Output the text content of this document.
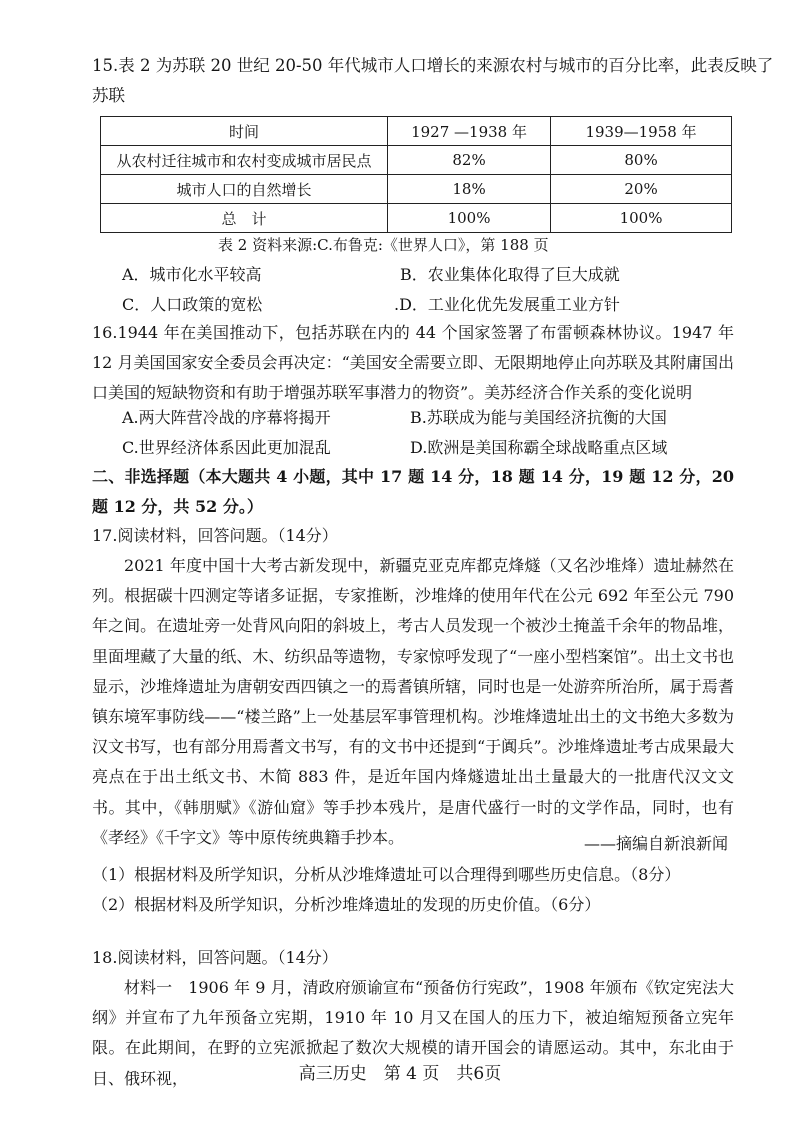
15.表 2 为苏联 20 世纪 20-50 年代城市人口增长的来源农村与城市的百分比率，此表反映了
苏联
时间	1927 —1938 年	1939—1958 年
从农村迁往城市和农村变成城市居民点	82%	80%
城市人口的自然增长	18%	20%
总　计	100%	100%
表 2 资料来源:C.布鲁克:《世界人口》，第 188 页
A．城市化水平较高	B．农业集体化取得了巨大成就
C．人口政策的宽松	.D．工业化优先发展重工业方针
16.1944 年在美国推动下，包括苏联在内的 44 个国家签署了布雷顿森林协议。1947 年 12 月美国国家安全委员会再决定：“美国安全需要立即、无限期地停止向苏联及其附庸国出口美国的短缺物资和有助于增强苏联军事潜力的物资”。美苏经济合作关系的变化说明
A.两大阵营冷战的序幕将揭开	B.苏联成为能与美国经济抗衡的大国
C.世界经济体系因此更加混乱	D.欧洲是美国称霸全球战略重点区域
二、非选择题（本大题共 4 小题，其中 17 题 14 分，18 题 14 分，19 题 12 分，20 题 12 分，共 52 分。）
17.阅读材料，回答问题。（14分）
2021 年度中国十大考古新发现中，新疆克亚克库都克烽燧（又名沙堆烽）遗址赫然在列。根据碳十四测定等诸多证据，专家推断，沙堆烽的使用年代在公元 692 年至公元 790 年之间。在遗址旁一处背风向阳的斜坡上，考古人员发现一个被沙土掩盖千余年的物品堆，里面埋藏了大量的纸、木、纺织品等遗物，专家惊呼发现了“一座小型档案馆”。出土文书也显示，沙堆烽遗址为唐朝安西四镇之一的焉耆镇所辖，同时也是一处游弈所治所，属于焉耆镇东境军事防线——“楼兰路”上一处基层军事管理机构。沙堆烽遗址出土的文书绝大多数为汉文书写，也有部分用焉耆文书写，有的文书中还提到“于阗兵”。沙堆烽遗址考古成果最大亮点在于出土纸文书、木简 883 件，是近年国内烽燧遗址出土量最大的一批唐代汉文文书。其中，《韩朋赋》《游仙窟》等手抄本残片，是唐代盛行一时的文学作品，同时，也有《孝经》《千字文》等中原传统典籍手抄本。	——摘编自新浪新闻
（1）根据材料及所学知识，分析从沙堆烽遗址可以合理得到哪些历史信息。（8分）
（2）根据材料及所学知识，分析沙堆烽遗址的发现的历史价值。（6分）
18.阅读材料，回答问题。（14分）
材料一　1906 年 9 月，清政府颁谕宣布“预备仿行宪政”，1908 年颁布《钦定宪法大纲》并宣布了九年预备立宪期，1910 年 10 月又在国人的压力下，被迫缩短预备立宪年限。在此期间，在野的立宪派掀起了数次大规模的请开国会的请愿运动。其中，东北由于日、俄环视，	高三历史　第 4 页　共6页
